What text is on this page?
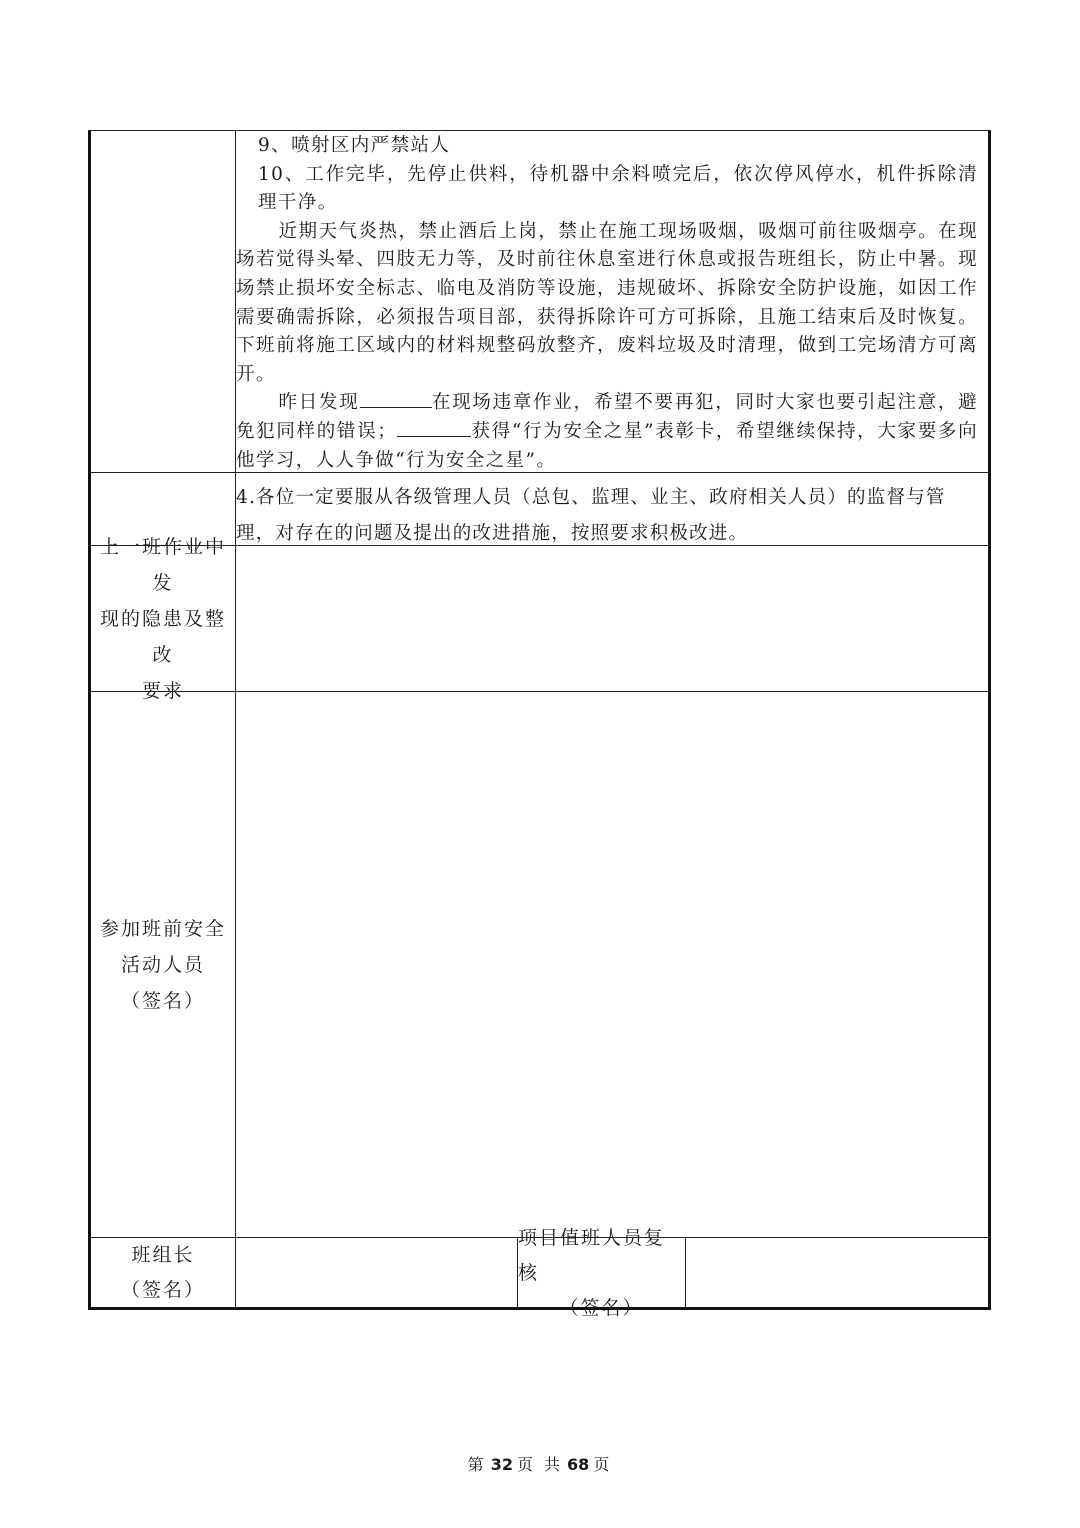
9、喷射区内严禁站人

10、工作完毕，先停止供料，待机器中余料喷完后，依次停风停水，机件拆除清理干净。

近期天气炎热，禁止酒后上岗，禁止在施工现场吸烟，吸烟可前往吸烟亭。在现场若觉得头晕、四肢无力等，及时前往休息室进行休息或报告班组长，防止中暑。现场禁止损坏安全标志、临电及消防等设施，违规破坏、拆除安全防护设施，如因工作需要确需拆除，必须报告项目部，获得拆除许可方可拆除，且施工结束后及时恢复。下班前将施工区域内的材料规整码放整齐，废料垃圾及时清理，做到工完场清方可离开。

昨日发现	在现场违章作业，希望不要再犯，同时大家也要引起注意，避免犯同样的错误；	获得“行为安全之星”表彰卡，希望继续保持，大家要多向他学习，人人争做“行为安全之星”。

4.各位一定要服从各级管理人员（总包、监理、业主、政府相关人员）的监督与管理，对存在的问题及提出的改进措施，按照要求积极改进。
上一班作业中发
现的隐患及整改
要求
参加班前安全
活动人员
（签名）
班组长
（签名）
项目值班人员复核
（签名）
第 32 页 共 68 页
